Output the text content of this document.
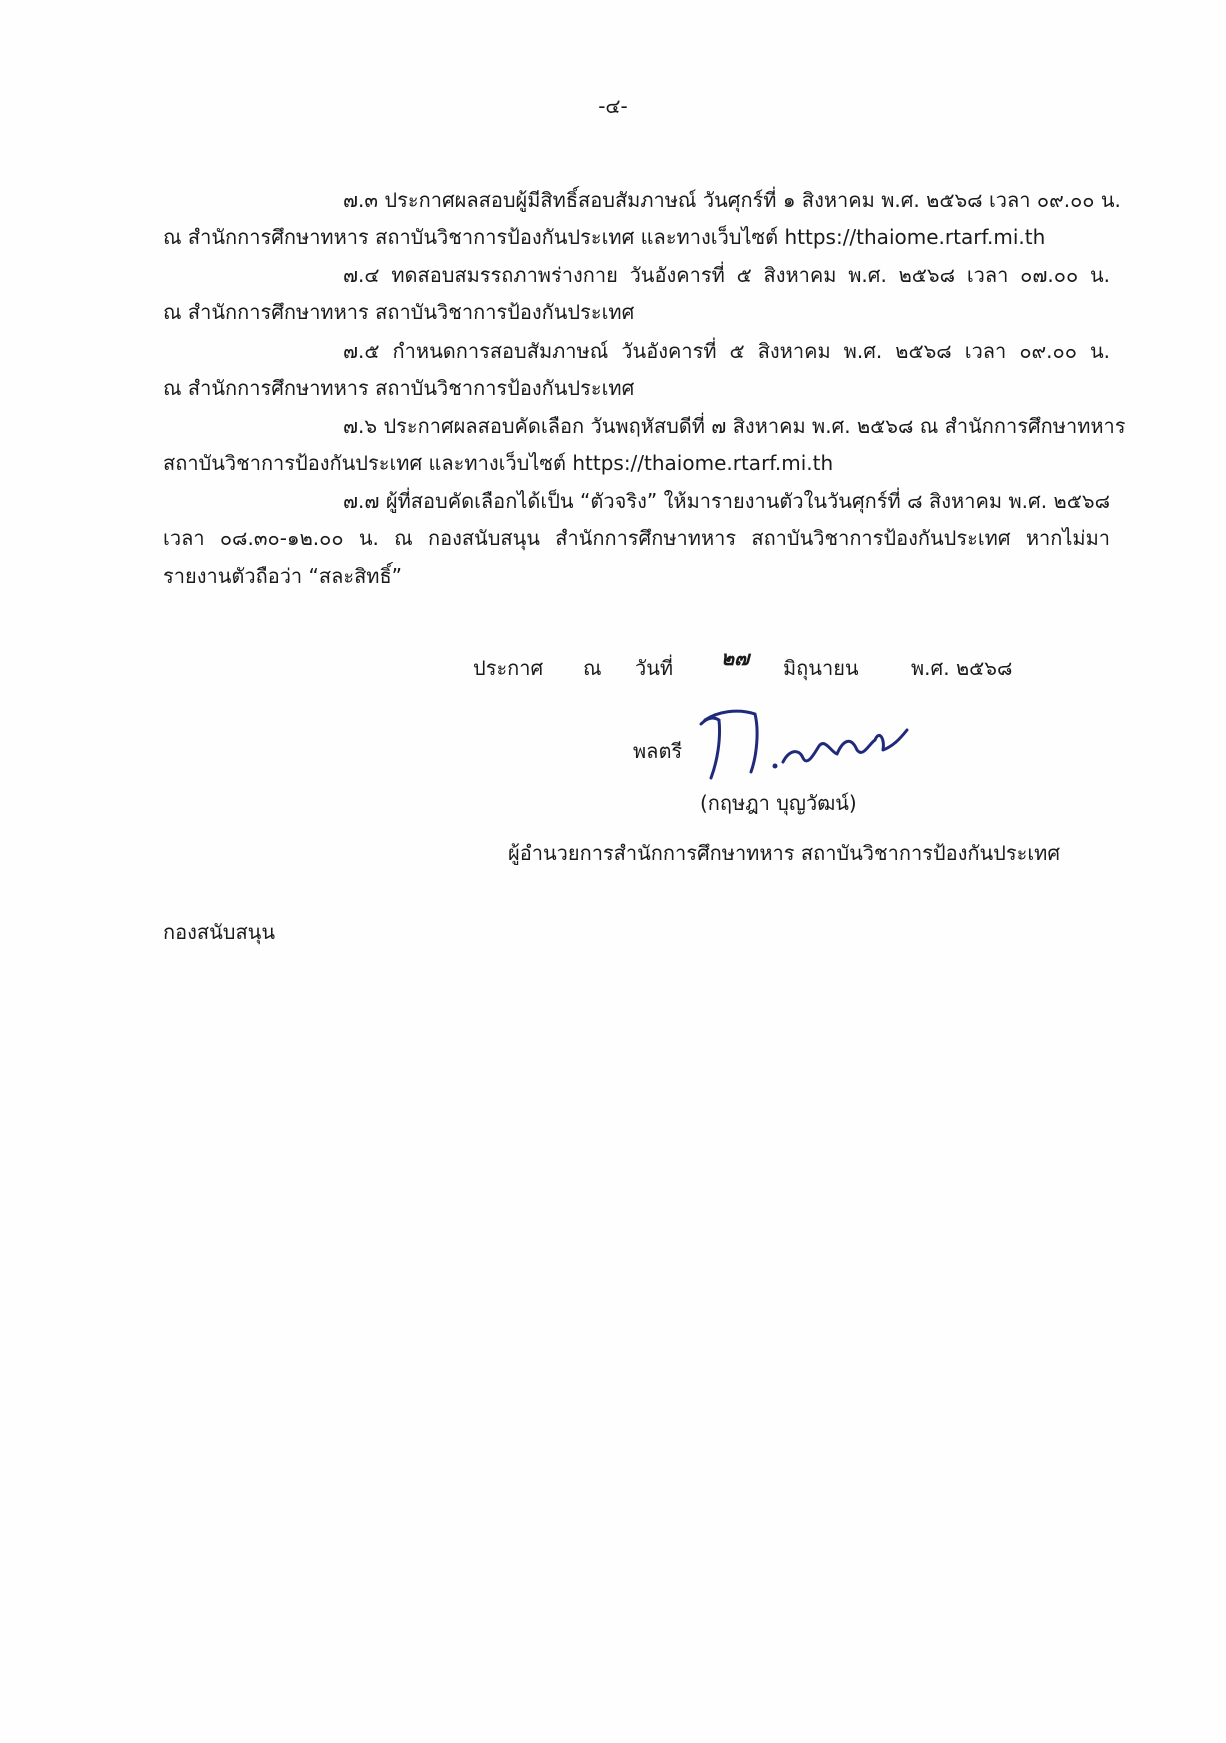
-๔-
๗.๓ ประกาศผลสอบผู้มีสิทธิ์สอบสัมภาษณ์ วันศุกร์ที่ ๑ สิงหาคม พ.ศ. ๒๕๖๘ เวลา ๐๙.๐๐ น.
ณ สำนักการศึกษาทหาร สถาบันวิชาการป้องกันประเทศ และทางเว็บไซต์ https://thaiome.rtarf.mi.th
๗.๔ ทดสอบสมรรถภาพร่างกาย วันอังคารที่ ๕ สิงหาคม พ.ศ. ๒๕๖๘ เวลา ๐๗.๐๐ น.
ณ สำนักการศึกษาทหาร สถาบันวิชาการป้องกันประเทศ
๗.๕ กำหนดการสอบสัมภาษณ์ วันอังคารที่ ๕ สิงหาคม พ.ศ. ๒๕๖๘ เวลา ๐๙.๐๐ น.
ณ สำนักการศึกษาทหาร สถาบันวิชาการป้องกันประเทศ
๗.๖ ประกาศผลสอบคัดเลือก วันพฤหัสบดีที่ ๗ สิงหาคม พ.ศ. ๒๕๖๘ ณ สำนักการศึกษาทหาร
สถาบันวิชาการป้องกันประเทศ และทางเว็บไซต์ https://thaiome.rtarf.mi.th
๗.๗ ผู้ที่สอบคัดเลือกได้เป็น “ตัวจริง” ให้มารายงานตัวในวันศุกร์ที่ ๘ สิงหาคม พ.ศ. ๒๕๖๘
เวลา ๐๘.๓๐-๑๒.๐๐ น. ณ กองสนับสนุน สำนักการศึกษาทหาร สถาบันวิชาการป้องกันประเทศ หากไม่มา
รายงานตัวถือว่า “สละสิทธิ์”
ประกาศ ณ วันที่ ๒๗ มิถุนายน	พ.ศ. ๒๕๖๘
พลตรี
(กฤษฎา บุญวัฒน์)
ผู้อำนวยการสำนักการศึกษาทหาร สถาบันวิชาการป้องกันประเทศ
กองสนับสนุน
